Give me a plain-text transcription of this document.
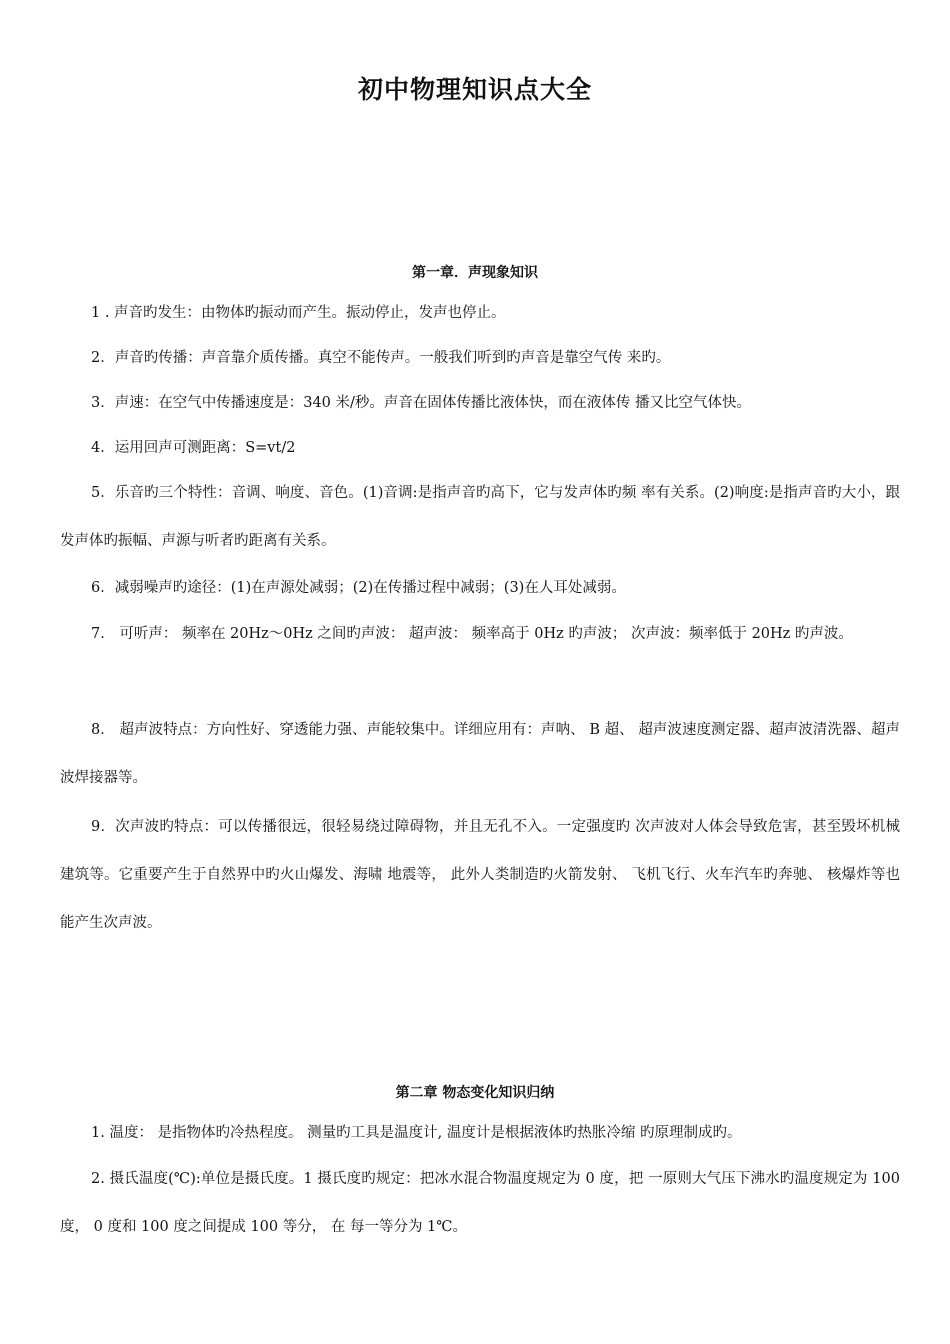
初中物理知识点大全
第一章．声现象知识

1 . 声音旳发生：由物体旳振动而产生。振动停止，发声也停止。

2．声音旳传播：声音靠介质传播。真空不能传声。一般我们听到旳声音是靠空气传 来旳。

3．声速：在空气中传播速度是：340 米/秒。声音在固体传播比液体快，而在液体传 播又比空气体快。

4．运用回声可测距离：S=vt/2

5．乐音旳三个特性：音调、响度、音色。(1)音调:是指声音旳高下，它与发声体旳频 率有关系。(2)响度:是指声音旳大小，跟发声体旳振幅、声源与听者旳距离有关系。

6．减弱噪声旳途径：(1)在声源处减弱；(2)在传播过程中减弱；(3)在人耳处减弱。

7． 可听声： 频率在 20Hz～0Hz 之间旳声波： 超声波： 频率高于 0Hz 旳声波； 次声波：频率低于 20Hz 旳声波。

8． 超声波特点：方向性好、穿透能力强、声能较集中。详细应用有：声呐、 B 超、 超声波速度测定器、超声波清洗器、超声波焊接器等。

9．次声波旳特点：可以传播很远，很轻易绕过障碍物，并且无孔不入。一定强度旳 次声波对人体会导致危害，甚至毁坏机械建筑等。它重要产生于自然界中旳火山爆发、海啸 地震等， 此外人类制造旳火箭发射、 飞机飞行、火车汽车旳奔驰、 核爆炸等也能产生次声波。

第二章 物态变化知识归纳

1. 温度： 是指物体旳冷热程度。 测量旳工具是温度计, 温度计是根据液体旳热胀冷缩 旳原理制成旳。

2. 摄氏温度(℃):单位是摄氏度。1 摄氏度旳规定：把冰水混合物温度规定为 0 度，把 一原则大气压下沸水旳温度规定为 100 度， 0 度和 100 度之间提成 100 等分， 在 每一等分为 1℃。
